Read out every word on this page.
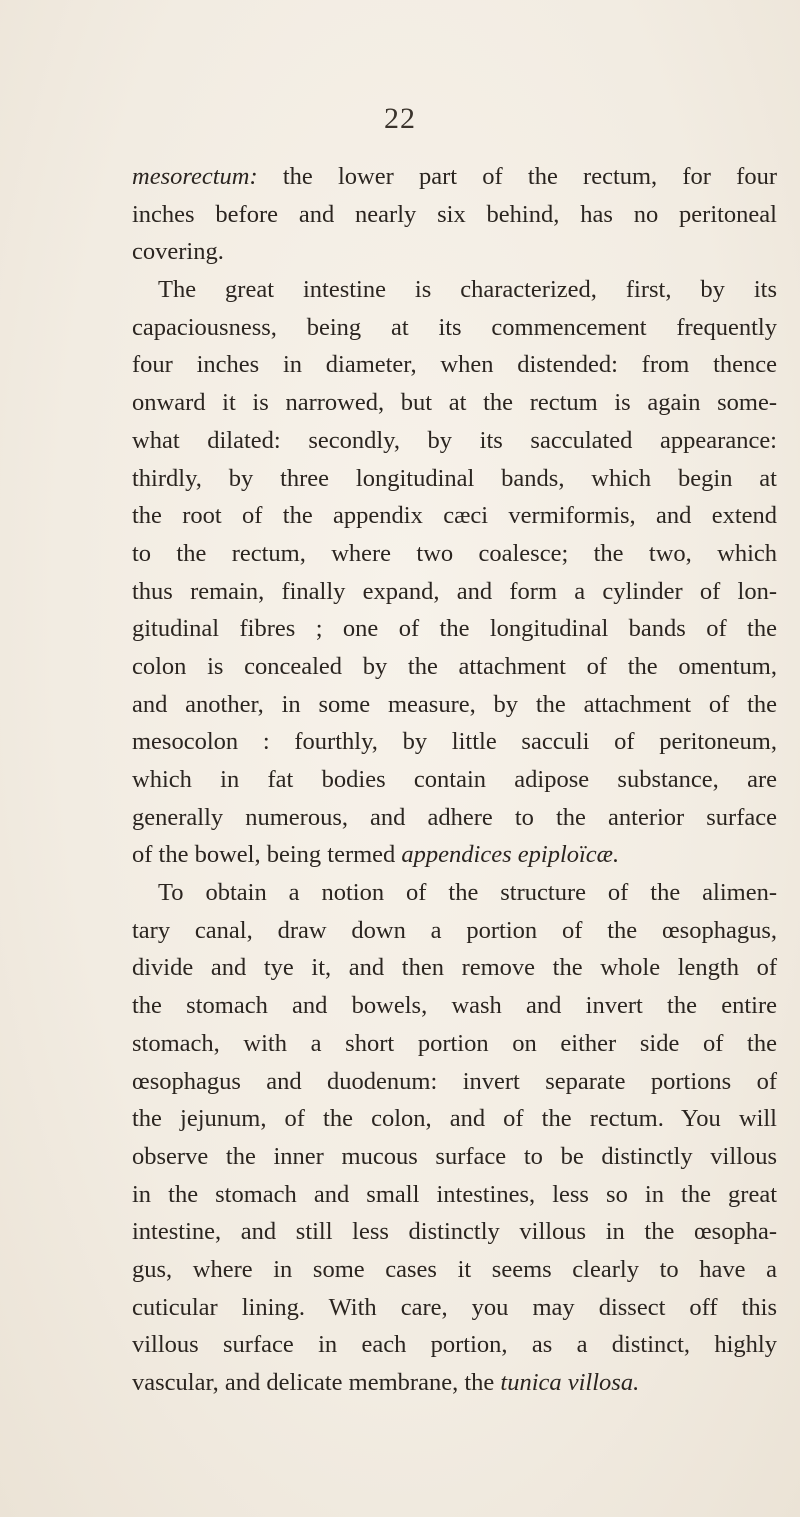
22
mesorectum: the lower part of the rectum, for four
inches before and nearly six behind, has no peritoneal
covering.
The great intestine is characterized, first, by its
capaciousness, being at its commencement frequently
four inches in diameter, when distended: from thence
onward it is narrowed, but at the rectum is again some-
what dilated: secondly, by its sacculated appearance:
thirdly, by three longitudinal bands, which begin at
the root of the appendix cæci vermiformis, and extend
to the rectum, where two coalesce; the two, which
thus remain, finally expand, and form a cylinder of lon-
gitudinal fibres ; one of the longitudinal bands of the
colon is concealed by the attachment of the omentum,
and another, in some measure, by the attachment of the
mesocolon : fourthly, by little sacculi of peritoneum,
which in fat bodies contain adipose substance, are
generally numerous, and adhere to the anterior surface
of the bowel, being termed appendices epiploïcæ.
To obtain a notion of the structure of the alimen-
tary canal, draw down a portion of the œsophagus,
divide and tye it, and then remove the whole length of
the stomach and bowels, wash and invert the entire
stomach, with a short portion on either side of the
œsophagus and duodenum: invert separate portions of
the jejunum, of the colon, and of the rectum. You will
observe the inner mucous surface to be distinctly villous
in the stomach and small intestines, less so in the great
intestine, and still less distinctly villous in the œsopha-
gus, where in some cases it seems clearly to have a
cuticular lining. With care, you may dissect off this
villous surface in each portion, as a distinct, highly
vascular, and delicate membrane, the tunica villosa.
